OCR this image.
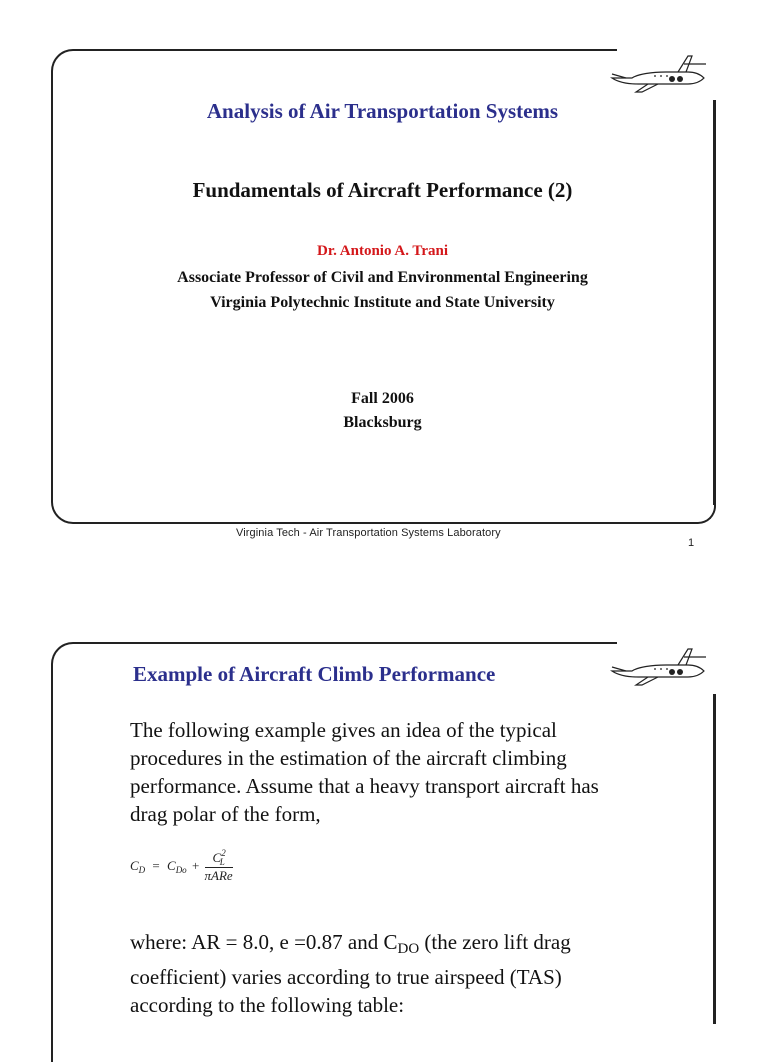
Analysis of Air Transportation Systems
Fundamentals of Aircraft Performance (2)
Dr. Antonio A. Trani
Associate Professor of Civil and Environmental Engineering
Virginia Polytechnic Institute and State University
Fall 2006
Blacksburg
Virginia Tech - Air Transportation Systems Laboratory
1
Example of Aircraft Climb Performance
The following example gives an idea of the typical
procedures in the estimation of the aircraft climbing
performance. Assume that a heavy transport aircraft has
drag polar of the form,
$C_D = C_{Do}$ +	$C^2_L$
πARe
where: AR = 8.0, e =0.87 and CDO (the zero lift drag
coefficient) varies according to true airspeed (TAS)
according to the following table:
